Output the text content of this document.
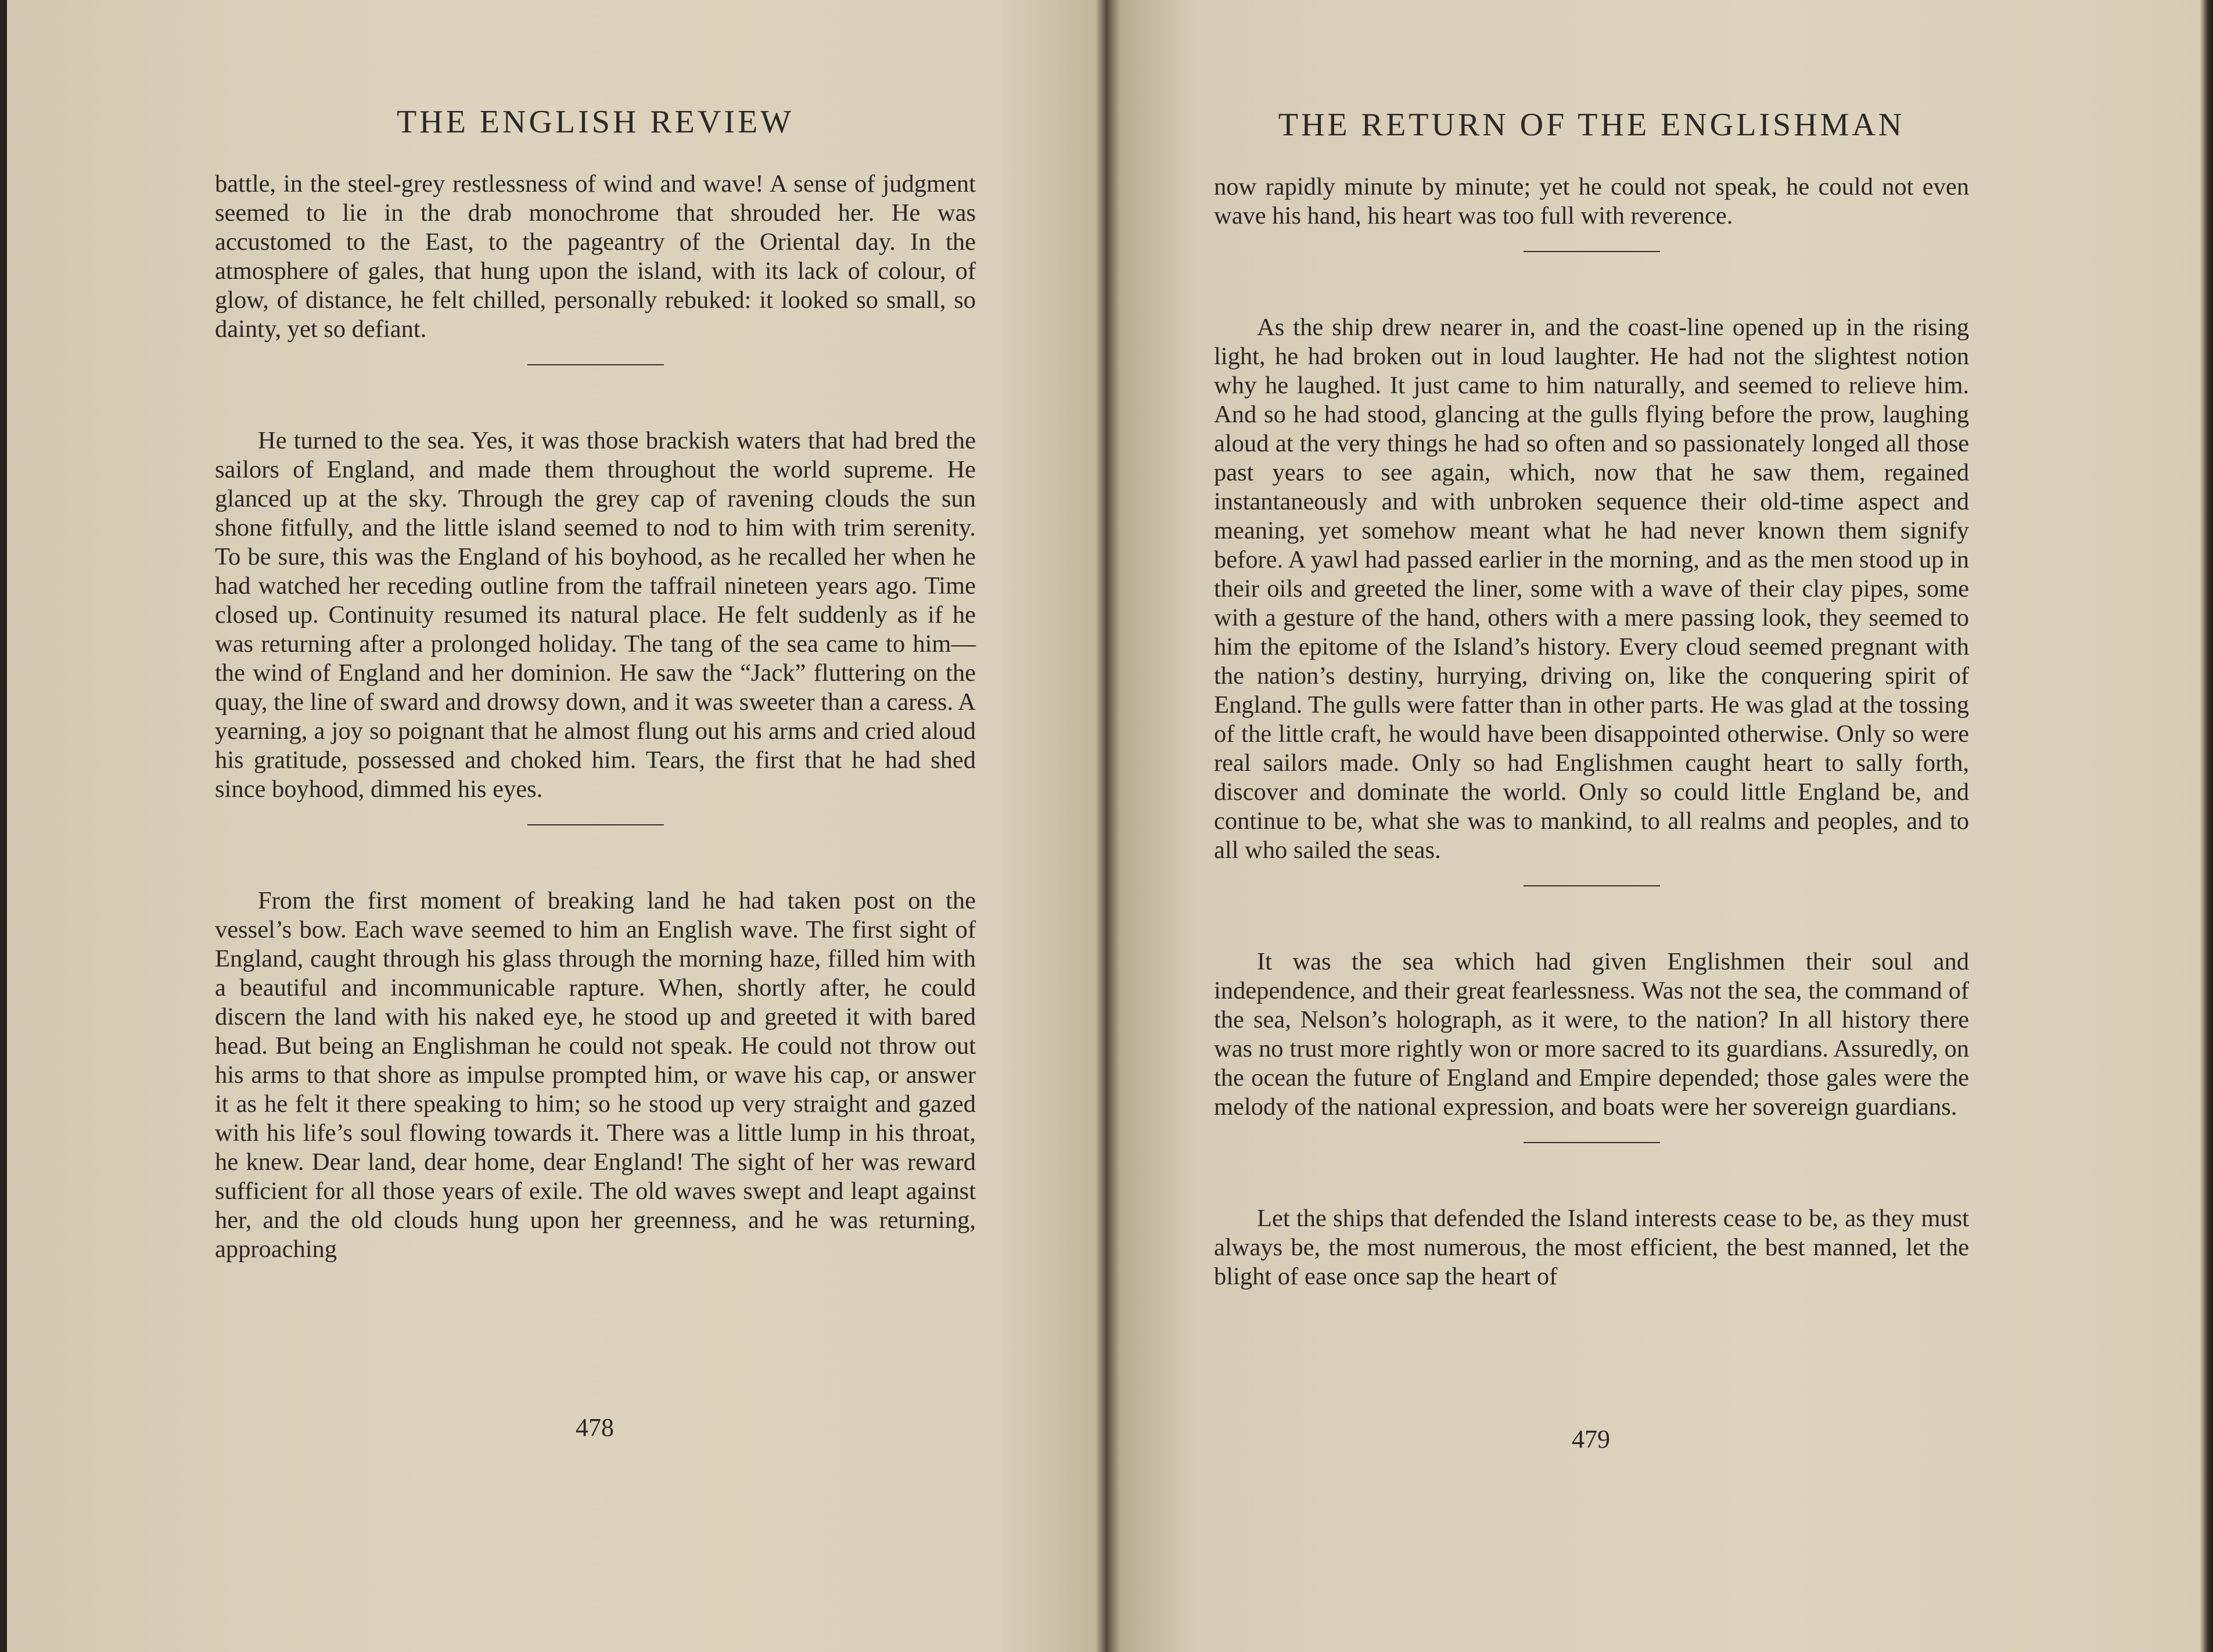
THE ENGLISH REVIEW

battle, in the steel-grey restlessness of wind and wave! A sense of judgment seemed to lie in the drab monochrome that shrouded her. He was accustomed to the East, to the pageantry of the Oriental day. In the atmosphere of gales, that hung upon the island, with its lack of colour, of glow, of distance, he felt chilled, personally rebuked: it looked so small, so dainty, yet so defiant.

He turned to the sea. Yes, it was those brackish waters that had bred the sailors of England, and made them throughout the world supreme. He glanced up at the sky. Through the grey cap of ravening clouds the sun shone fitfully, and the little island seemed to nod to him with trim serenity. To be sure, this was the England of his boyhood, as he recalled her when he had watched her receding outline from the taffrail nineteen years ago. Time closed up. Continuity resumed its natural place. He felt suddenly as if he was returning after a prolonged holiday. The tang of the sea came to him—the wind of England and her dominion. He saw the “Jack” fluttering on the quay, the line of sward and drowsy down, and it was sweeter than a caress. A yearning, a joy so poignant that he almost flung out his arms and cried aloud his gratitude, possessed and choked him. Tears, the first that he had shed since boyhood, dimmed his eyes.

From the first moment of breaking land he had taken post on the vessel’s bow. Each wave seemed to him an English wave. The first sight of England, caught through his glass through the morning haze, filled him with a beautiful and incommunicable rapture. When, shortly after, he could discern the land with his naked eye, he stood up and greeted it with bared head. But being an Englishman he could not speak. He could not throw out his arms to that shore as impulse prompted him, or wave his cap, or answer it as he felt it there speaking to him; so he stood up very straight and gazed with his life’s soul flowing towards it. There was a little lump in his throat, he knew. Dear land, dear home, dear England! The sight of her was reward sufficient for all those years of exile. The old waves swept and leapt against her, and the old clouds hung upon her greenness, and he was returning, approaching

478
THE RETURN OF THE ENGLISHMAN

now rapidly minute by minute; yet he could not speak, he could not even wave his hand, his heart was too full with reverence.

As the ship drew nearer in, and the coast-line opened up in the rising light, he had broken out in loud laughter. He had not the slightest notion why he laughed. It just came to him naturally, and seemed to relieve him. And so he had stood, glancing at the gulls flying before the prow, laughing aloud at the very things he had so often and so passionately longed all those past years to see again, which, now that he saw them, regained instantaneously and with unbroken sequence their old-time aspect and meaning, yet somehow meant what he had never known them signify before. A yawl had passed earlier in the morning, and as the men stood up in their oils and greeted the liner, some with a wave of their clay pipes, some with a gesture of the hand, others with a mere passing look, they seemed to him the epitome of the Island’s history. Every cloud seemed pregnant with the nation’s destiny, hurrying, driving on, like the conquering spirit of England. The gulls were fatter than in other parts. He was glad at the tossing of the little craft, he would have been disappointed otherwise. Only so were real sailors made. Only so had Englishmen caught heart to sally forth, discover and dominate the world. Only so could little England be, and continue to be, what she was to mankind, to all realms and peoples, and to all who sailed the seas.

It was the sea which had given Englishmen their soul and independence, and their great fearlessness. Was not the sea, the command of the sea, Nelson’s holograph, as it were, to the nation? In all history there was no trust more rightly won or more sacred to its guardians. Assuredly, on the ocean the future of England and Empire depended; those gales were the melody of the national expression, and boats were her sovereign guardians.

Let the ships that defended the Island interests cease to be, as they must always be, the most numerous, the most efficient, the best manned, let the blight of ease once sap the heart of

479
